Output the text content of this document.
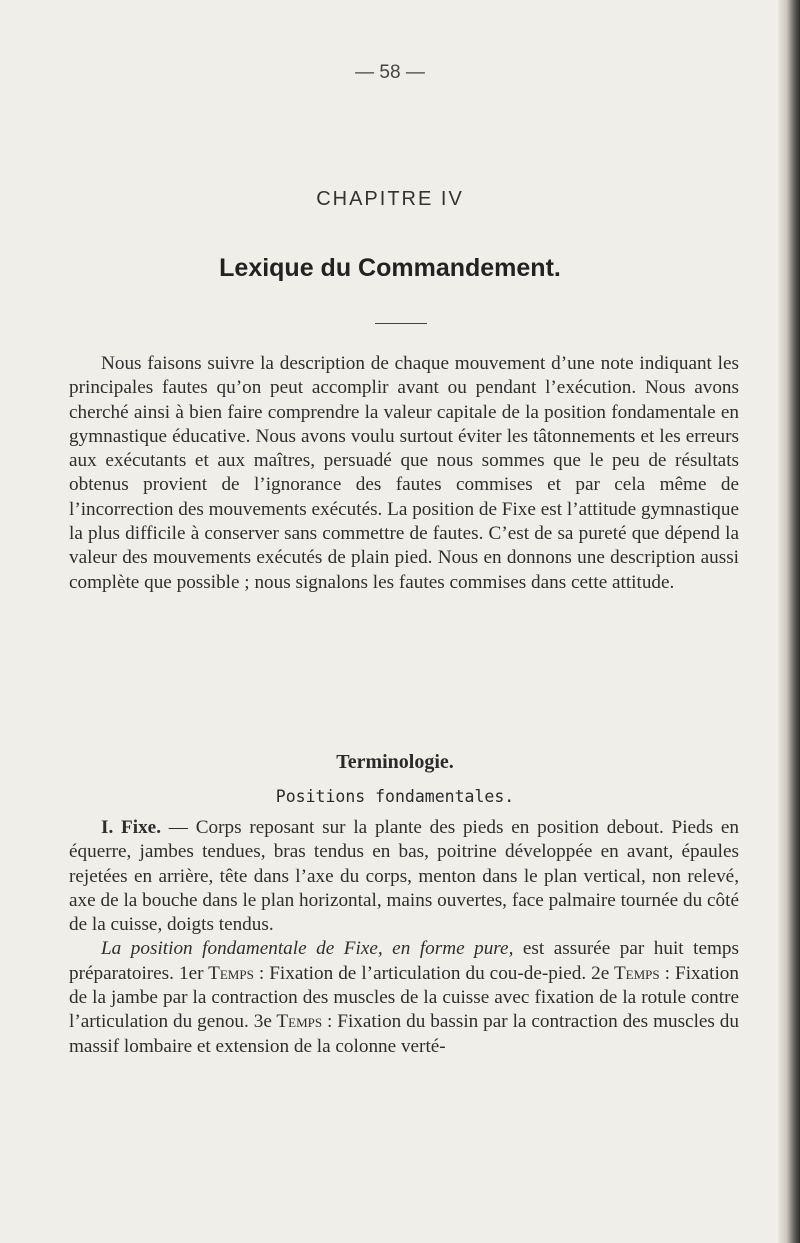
— 58 —
CHAPITRE IV
Lexique du Commandement.

Nous faisons suivre la description de chaque mouvement d’une note indiquant les principales fautes qu’on peut accomplir avant ou pendant l’exécution. Nous avons cherché ainsi à bien faire comprendre la valeur capitale de la position fondamentale en gymnastique éducative. Nous avons voulu surtout éviter les tâtonnements et les erreurs aux exécutants et aux maîtres, persuadé que nous sommes que le peu de résultats obtenus provient de l’ignorance des fautes commises et par cela même de l’incorrection des mouvements exécutés. La position de Fixe est l’attitude gymnastique la plus difficile à conserver sans commettre de fautes. C’est de sa pureté que dépend la valeur des mouvements exécutés de plain pied. Nous en donnons une description aussi complète que possible ; nous signalons les fautes commises dans cette attitude.

Terminologie.
Positions fondamentales.

I. Fixe. — Corps reposant sur la plante des pieds en position debout. Pieds en équerre, jambes tendues, bras tendus en bas, poitrine développée en avant, épaules rejetées en arrière, tête dans l’axe du corps, menton dans le plan vertical, non relevé, axe de la bouche dans le plan horizontal, mains ouvertes, face palmaire tournée du côté de la cuisse, doigts tendus.

La position fondamentale de Fixe, en forme pure, est assurée par huit temps préparatoires. 1er Temps : Fixation de l’articulation du cou-de-pied. 2e Temps : Fixation de la jambe par la contraction des muscles de la cuisse avec fixation de la rotule contre l’articulation du genou. 3e Temps : Fixation du bassin par la contraction des muscles du massif lombaire et extension de la colonne verté-
